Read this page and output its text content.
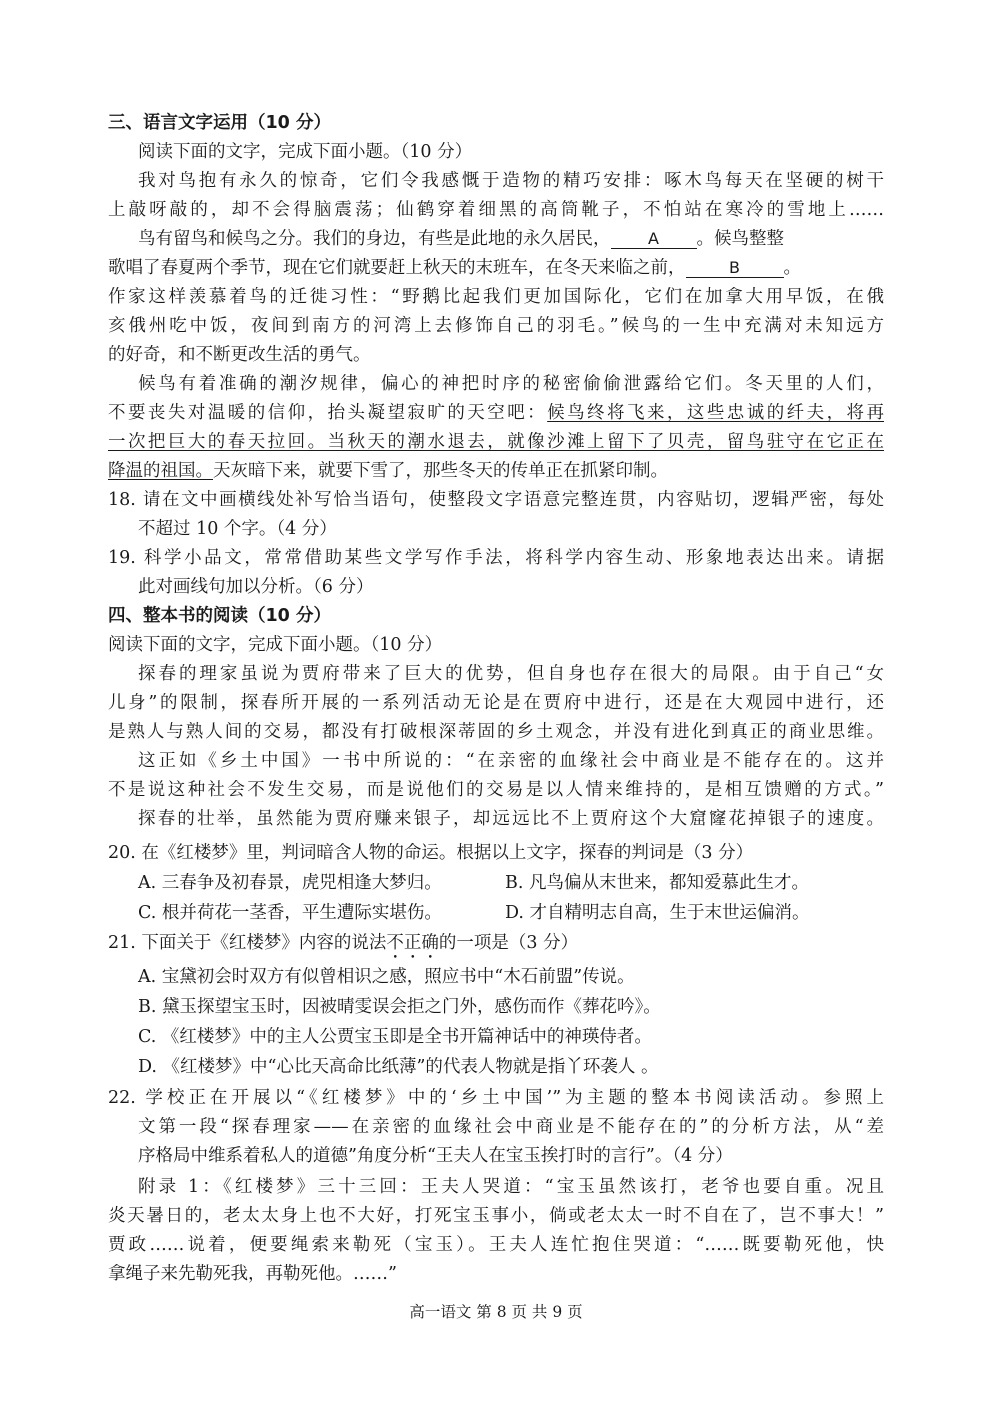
三、语言文字运用（10 分）
阅读下面的文字，完成下面小题。（10 分）
我对鸟抱有永久的惊奇，它们令我感慨于造物的精巧安排：啄木鸟每天在坚硬的树干
上敲呀敲的，却不会得脑震荡；仙鹤穿着细黑的高筒靴子，不怕站在寒冷的雪地上……
鸟有留鸟和候鸟之分。我们的身边，有些是此地的永久居民， A 。候鸟整整
歌唱了春夏两个季节，现在它们就要赶上秋天的末班车，在冬天来临之前，	B 。
作家这样羡慕着鸟的迁徙习性：“野鹅比起我们更加国际化，它们在加拿大用早饭，在俄
亥俄州吃中饭，夜间到南方的河湾上去修饰自己的羽毛。”候鸟的一生中充满对未知远方
的好奇，和不断更改生活的勇气。
候鸟有着准确的潮汐规律，偏心的神把时序的秘密偷偷泄露给它们。冬天里的人们，
不要丧失对温暖的信仰，抬头凝望寂旷的天空吧：候鸟终将飞来，这些忠诚的纤夫，将再
一次把巨大的春天拉回。当秋天的潮水退去，就像沙滩上留下了贝壳，留鸟驻守在它正在
降温的祖国。天灰暗下来，就要下雪了，那些冬天的传单正在抓紧印制。
18. 请在文中画横线处补写恰当语句，使整段文字语意完整连贯，内容贴切，逻辑严密，每处
不超过 10 个字。（4 分）
19. 科学小品文，常常借助某些文学写作手法，将科学内容生动、形象地表达出来。请据
此对画线句加以分析。（6 分）
四、整本书的阅读（10 分）
阅读下面的文字，完成下面小题。（10 分）
探春的理家虽说为贾府带来了巨大的优势，但自身也存在很大的局限。由于自己“女
儿身”的限制，探春所开展的一系列活动无论是在贾府中进行，还是在大观园中进行，还
是熟人与熟人间的交易，都没有打破根深蒂固的乡土观念，并没有进化到真正的商业思维。
这正如《乡土中国》一书中所说的：“在亲密的血缘社会中商业是不能存在的。这并
不是说这种社会不发生交易，而是说他们的交易是以人情来维持的，是相互馈赠的方式。”
探春的壮举，虽然能为贾府赚来银子，却远远比不上贾府这个大窟窿花掉银子的速度。
20. 在《红楼梦》里，判词暗含人物的命运。根据以上文字，探春的判词是（3 分）
A. 三春争及初春景，虎兕相逢大梦归。	B. 凡鸟偏从末世来，都知爱慕此生才。
C. 根并荷花一茎香，平生遭际实堪伤。	D. 才自精明志自高，生于末世运偏消。
21. 下面关于《红楼梦》内容的说法不正确的一项是（3 分）
A. 宝黛初会时双方有似曾相识之感，照应书中“木石前盟”传说。
B. 黛玉探望宝玉时，因被晴雯误会拒之门外，感伤而作《葬花吟》。
C. 《红楼梦》中的主人公贾宝玉即是全书开篇神话中的神瑛侍者。
D. 《红楼梦》中“心比天高命比纸薄”的代表人物就是指丫环袭人 。
22. 学校正在开展以“《红楼梦》中的‘乡土中国’”为主题的整本书阅读活动。参照上
文第一段“探春理家——在亲密的血缘社会中商业是不能存在的”的分析方法，从“差
序格局中维系着私人的道德”角度分析“王夫人在宝玉挨打时的言行”。（4 分）
附录 1：《红楼梦》三十三回：王夫人哭道：“宝玉虽然该打，老爷也要自重。况且
炎天暑日的，老太太身上也不大好，打死宝玉事小，倘或老太太一时不自在了，岂不事大！”
贾政……说着，便要绳索来勒死（宝玉）。王夫人连忙抱住哭道：“……既要勒死他，快
拿绳子来先勒死我，再勒死他。……”
高一语文 第 8 页 共 9 页
